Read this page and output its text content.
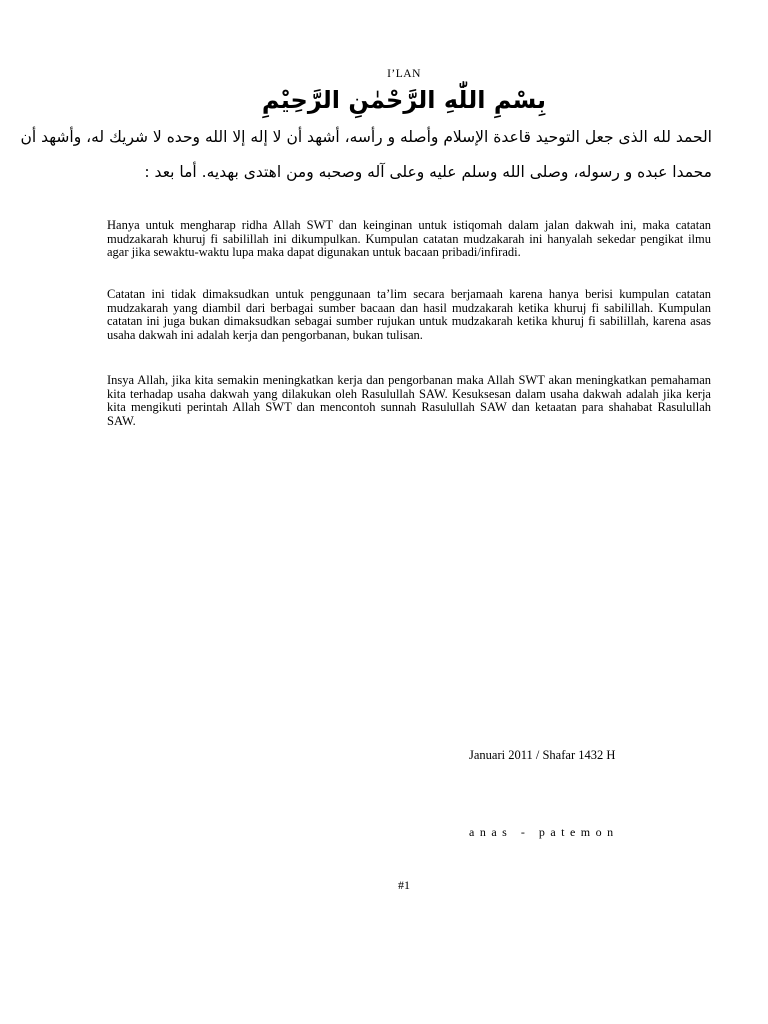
I’LAN
بِسْمِ اللّٰهِ الرَّحْمٰنِ الرَّحِيْمِ
الحمد لله الذى جعل التوحيد قاعدة الإسلام وأصله و رأسه، أشهد أن لا إله إلا الله وحده لا شريك له، وأشهد أن
محمدا عبده و رسوله، وصلى الله وسلم عليه وعلى آله وصحبه ومن اهتدى بهديه. أما بعد :

Hanya untuk mengharap ridha Allah SWT dan keinginan untuk istiqomah dalam jalan dakwah ini, maka catatan mudzakarah khuruj fi sabilillah ini dikumpulkan. Kumpulan catatan mudzakarah ini hanyalah sekedar pengikat ilmu agar jika sewaktu-waktu lupa maka dapat digunakan untuk bacaan pribadi/infiradi.

Catatan ini tidak dimaksudkan untuk penggunaan ta’lim secara berjamaah karena hanya berisi kumpulan catatan mudzakarah yang diambil dari berbagai sumber bacaan dan hasil mudzakarah ketika khuruj fi sabilillah. Kumpulan catatan ini juga bukan dimaksudkan sebagai sumber rujukan untuk mudzakarah ketika khuruj fi sabilillah, karena asas usaha dakwah ini adalah kerja dan pengorbanan, bukan tulisan.

Insya Allah, jika kita semakin meningkatkan kerja dan pengorbanan maka Allah SWT akan meningkatkan pemahaman kita terhadap usaha dakwah yang dilakukan oleh Rasulullah SAW. Kesuksesan dalam usaha dakwah adalah jika kerja kita mengikuti perintah Allah SWT dan mencontoh sunnah Rasulullah SAW dan ketaatan para shahabat Rasulullah SAW.

Januari 2011 / Shafar 1432 H
anas - patemon
#1
